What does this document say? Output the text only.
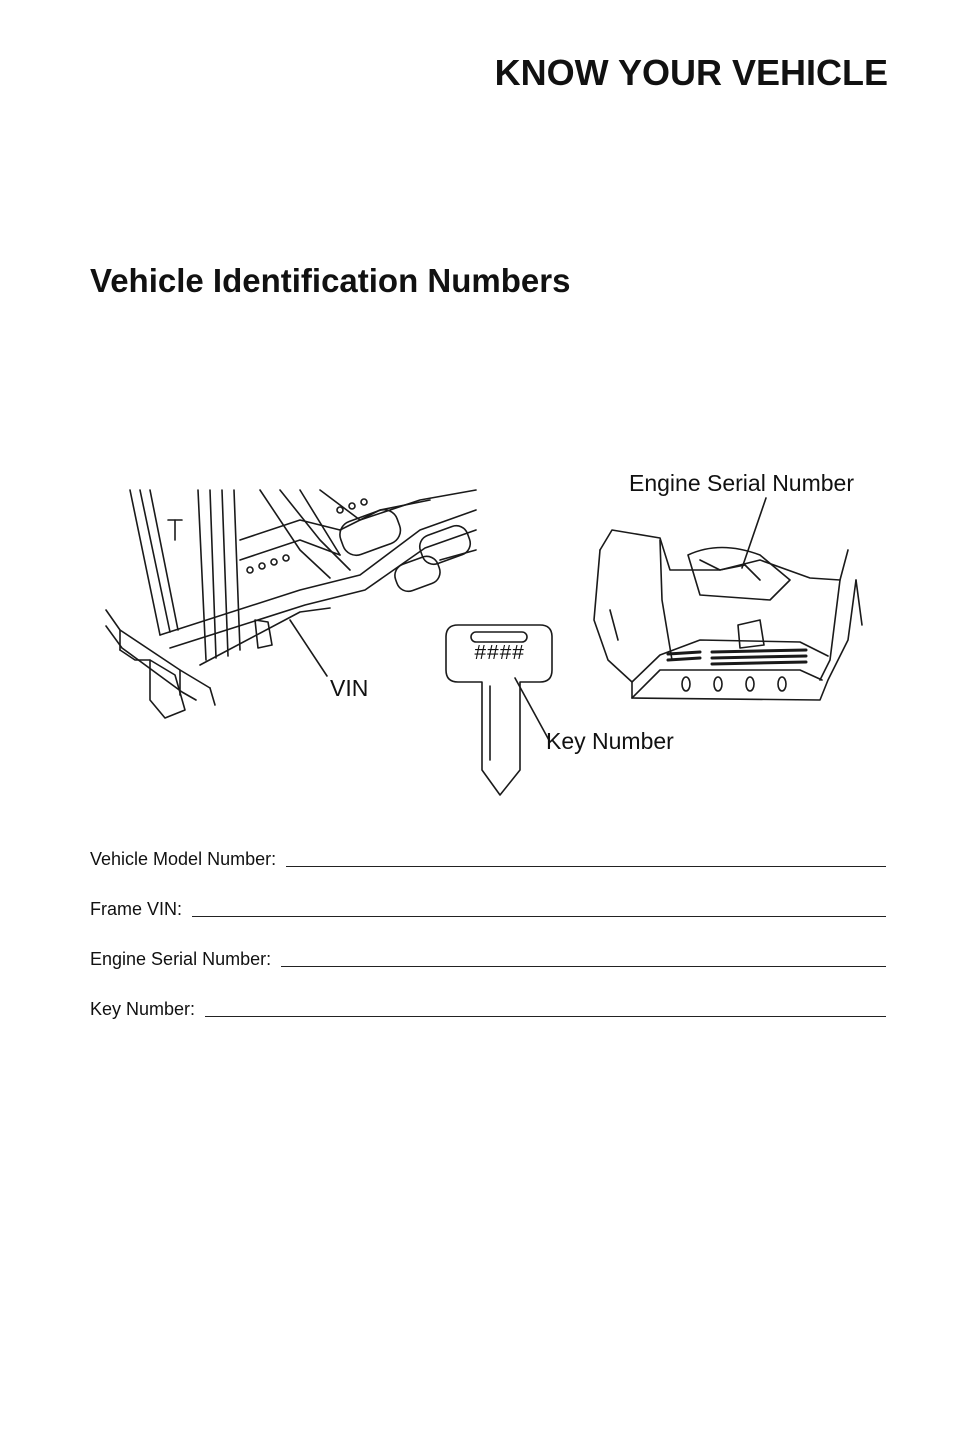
KNOW YOUR VEHICLE
Vehicle Identification Numbers
Engine Serial Number
VIN
Key Number
####
Vehicle Model Number:
Frame VIN:
Engine Serial Number:
Key Number:
